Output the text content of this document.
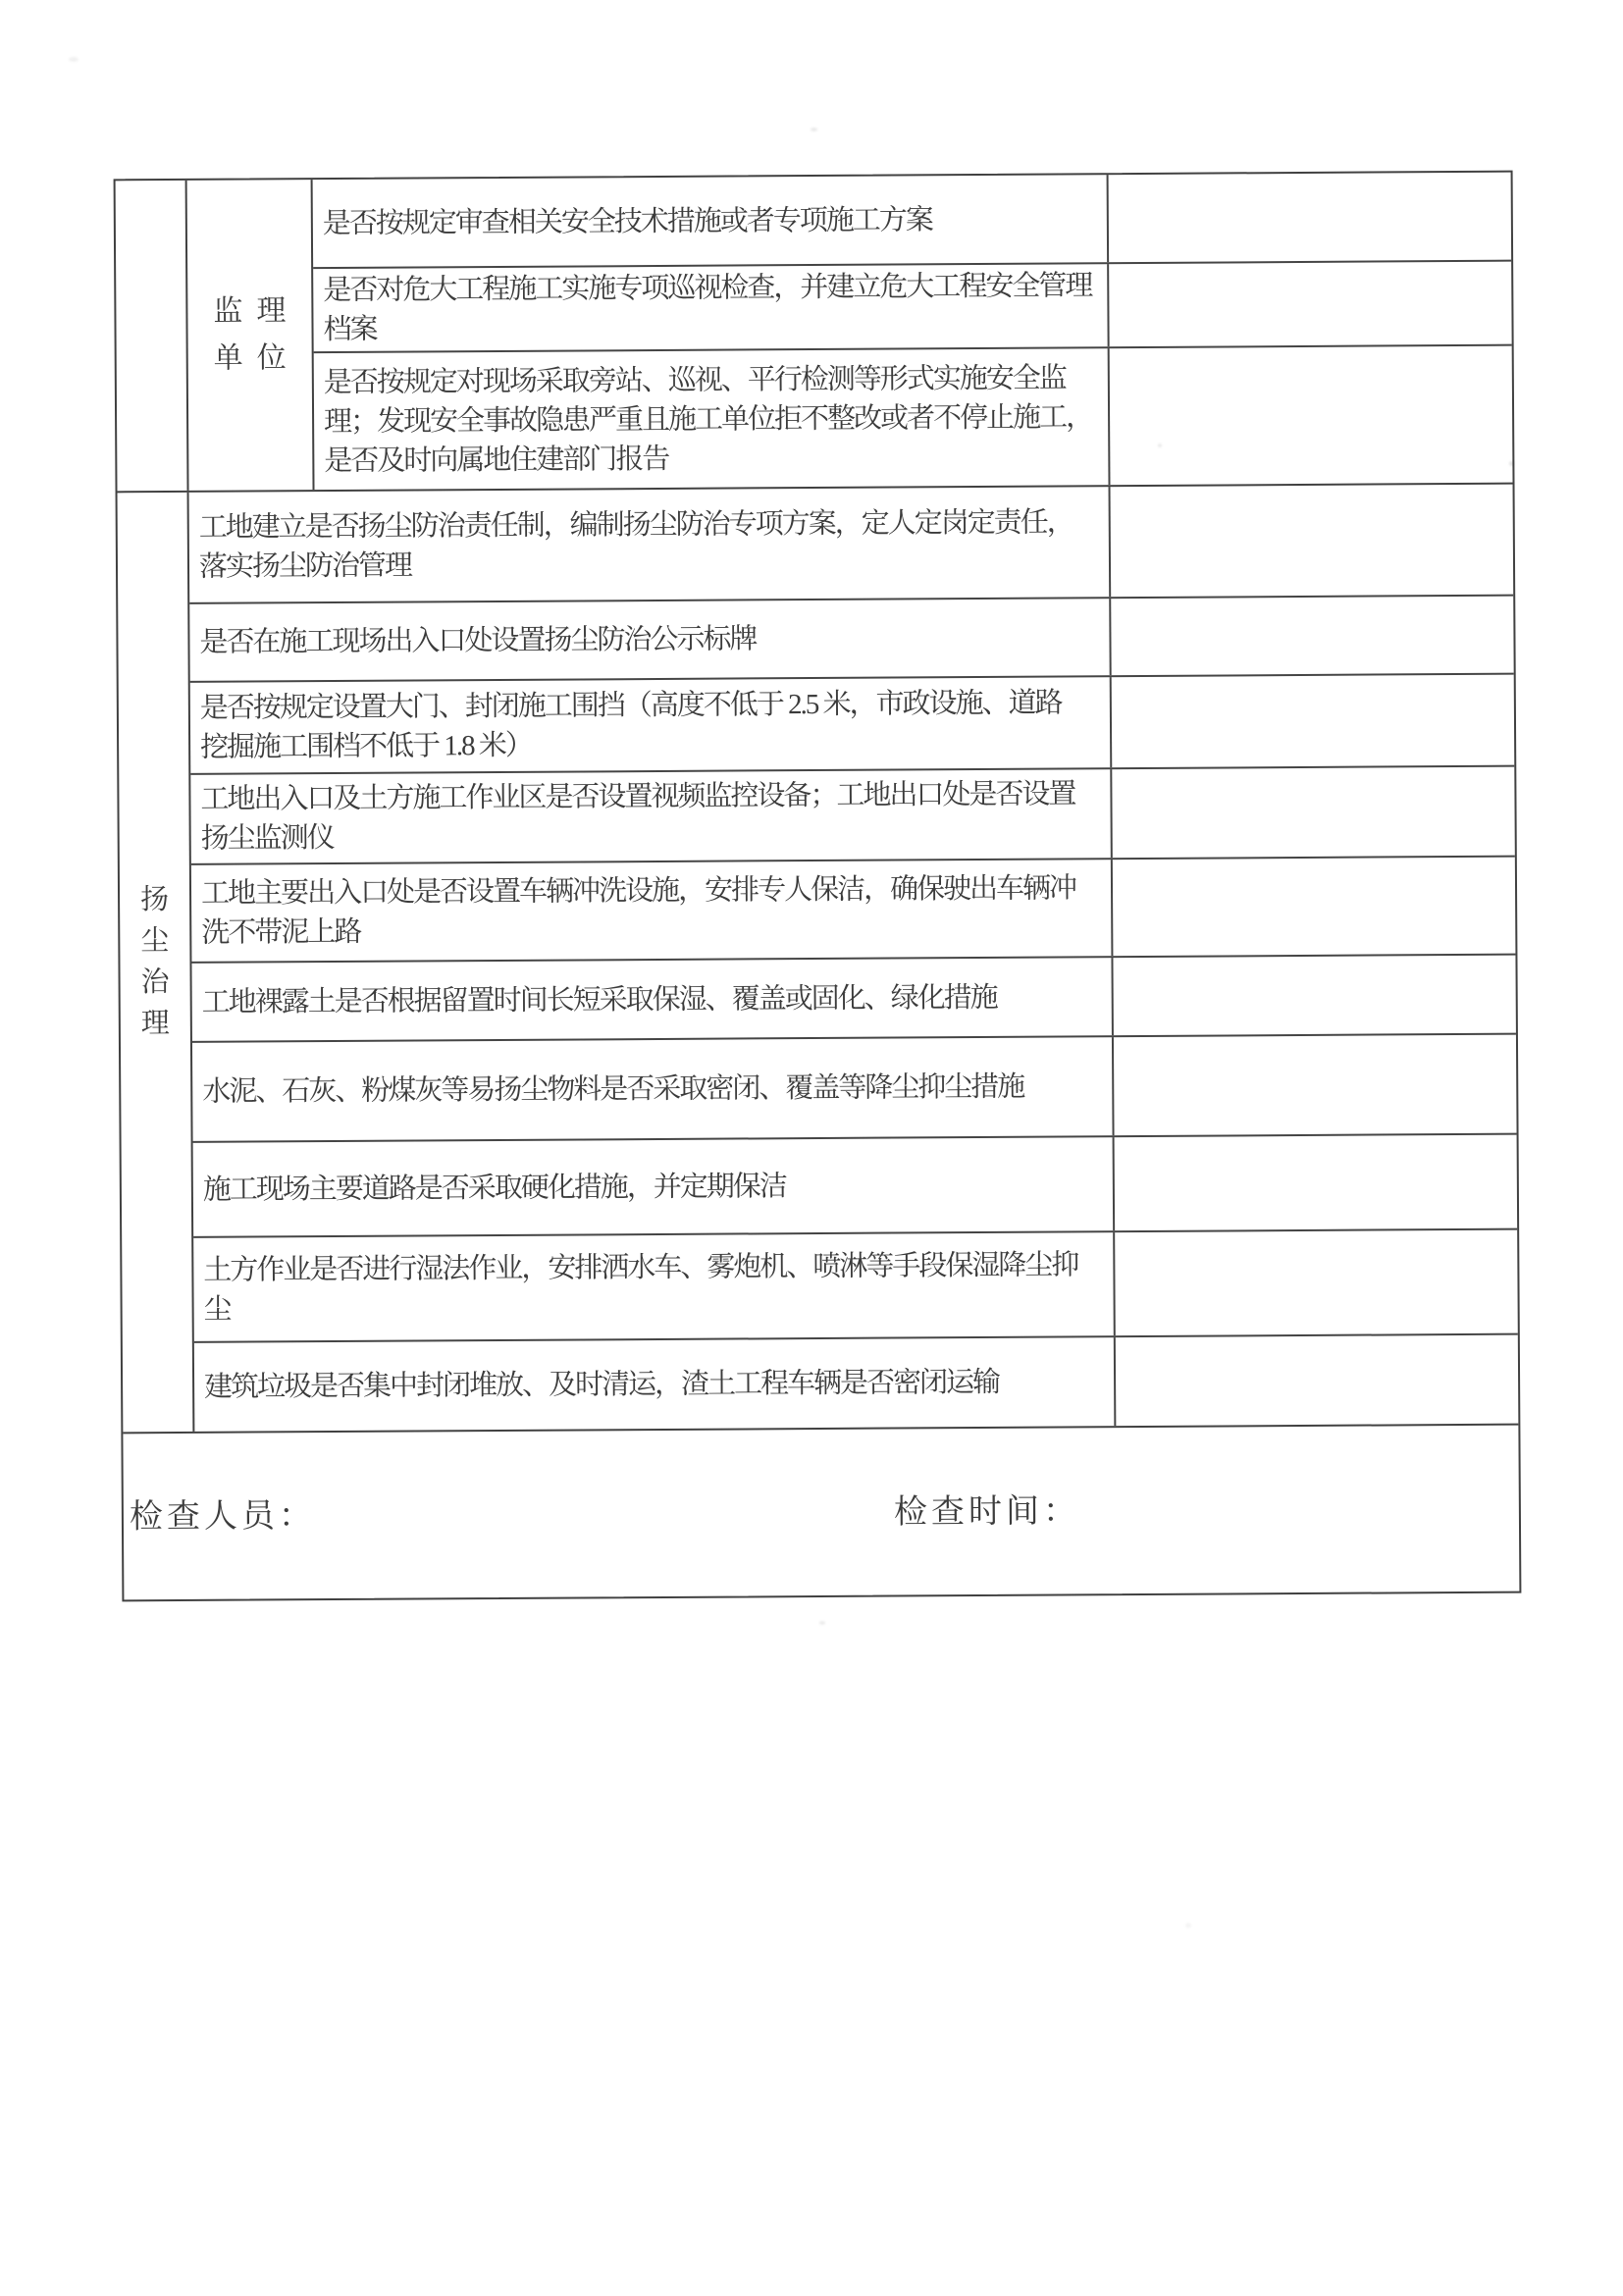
监理
单位
是否按规定审查相关安全技术措施或者专项施工方案
是否对危大工程施工实施专项巡视检查，并建立危大工程安全管理档案
是否按规定对现场采取旁站、巡视、平行检测等形式实施安全监理；发现安全事故隐患严重且施工单位拒不整改或者不停止施工，是否及时向属地住建部门报告
扬
尘
治
理
工地建立是否扬尘防治责任制，编制扬尘防治专项方案，定人定岗定责任，落实扬尘防治管理
是否在施工现场出入口处设置扬尘防治公示标牌
是否按规定设置大门、封闭施工围挡（高度不低于 2.5 米，市政设施、道路挖掘施工围档不低于 1.8 米）
工地出入口及土方施工作业区是否设置视频监控设备；工地出口处是否设置扬尘监测仪
工地主要出入口处是否设置车辆冲洗设施，安排专人保洁，确保驶出车辆冲洗不带泥上路
工地裸露土是否根据留置时间长短采取保湿、覆盖或固化、绿化措施
水泥、石灰、粉煤灰等易扬尘物料是否采取密闭、覆盖等降尘抑尘措施
施工现场主要道路是否采取硬化措施，并定期保洁
土方作业是否进行湿法作业，安排洒水车、雾炮机、喷淋等手段保湿降尘抑尘
建筑垃圾是否集中封闭堆放、及时清运，渣土工程车辆是否密闭运输
检查人员：	检查时间：
